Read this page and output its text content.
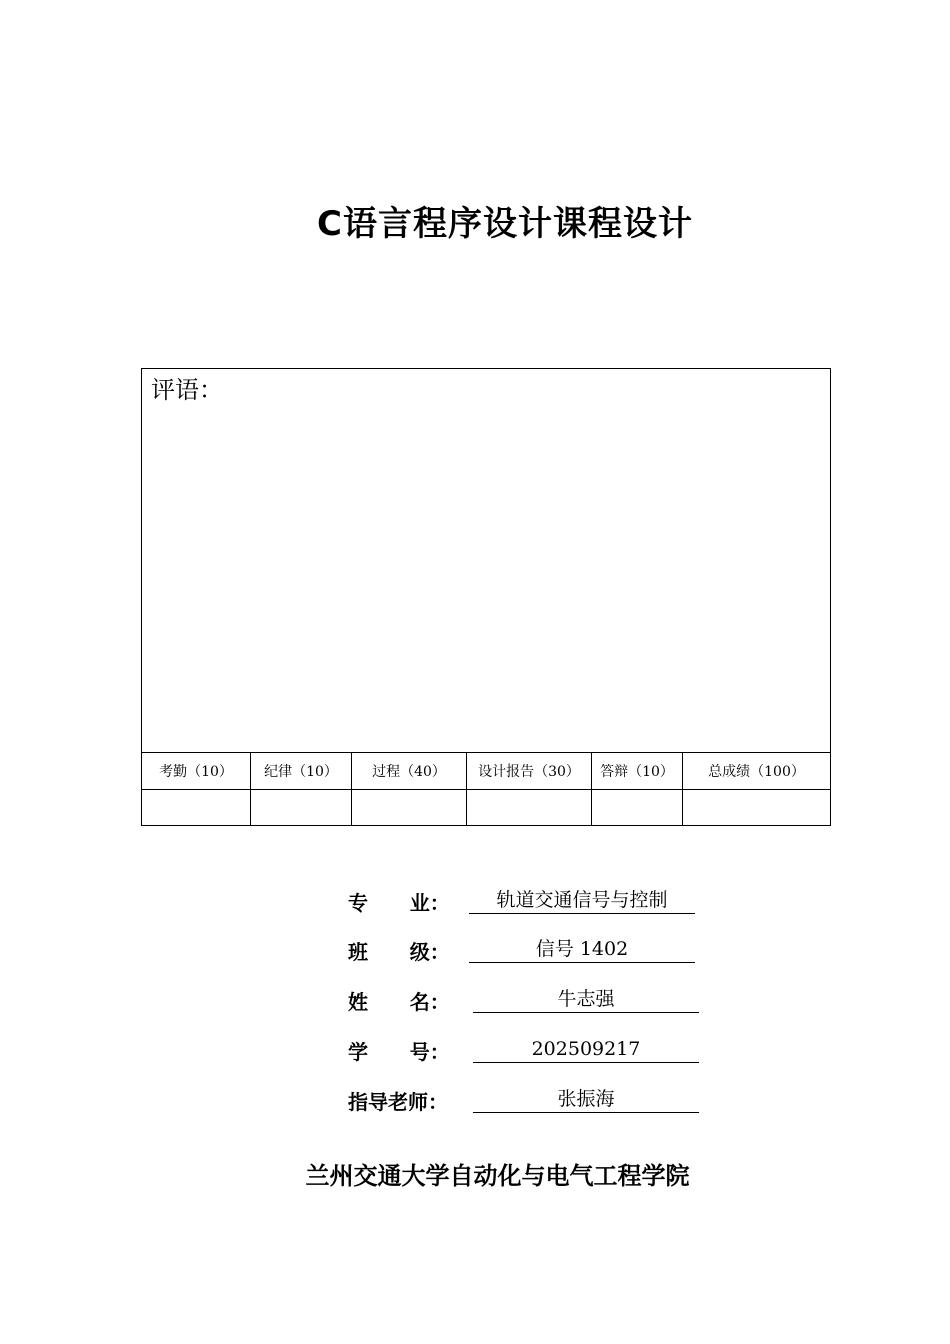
C语言程序设计课程设计
评语：
考勤（10）	纪律（10）	过程（40）	设计报告（30）	答辩（10）	总成绩（100）
专      业：	轨道交通信号与控制
班      级：	信号 1402
姓      名：	牛志强
学      号：	202509217
指导老师：	张振海
兰州交通大学自动化与电气工程学院
